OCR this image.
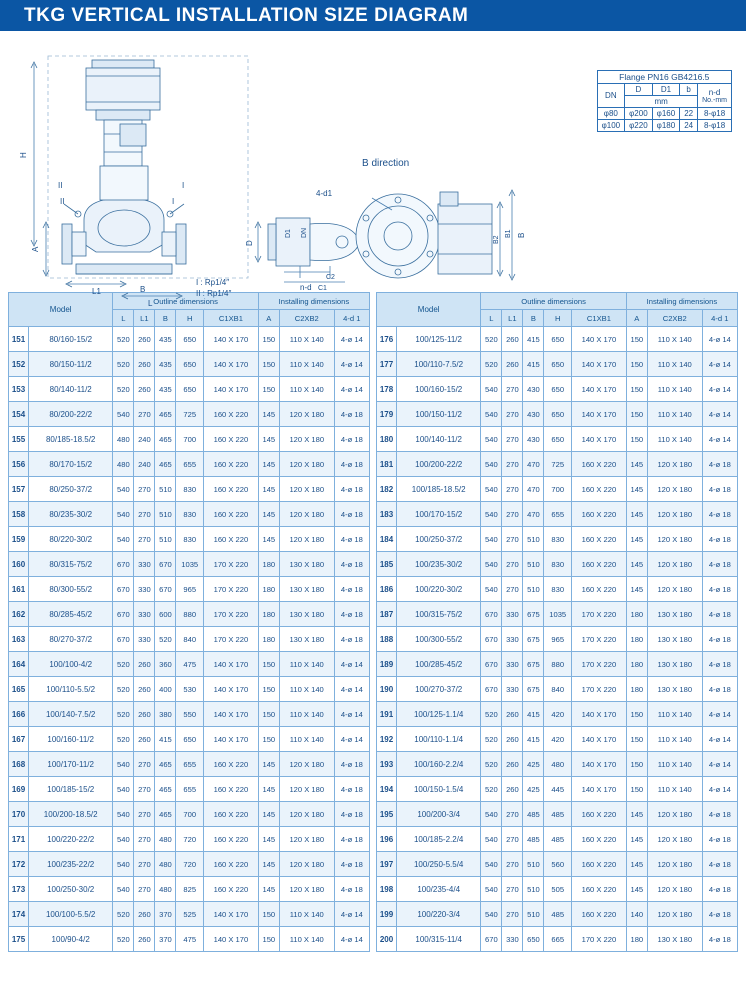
TKG VERTICAL INSTALLATION SIZE DIAGRAM
H
A
L1
L
B
II	I
II	I
I : Rp1/4″
II : Rp1/4″
B direction
4-d1
n-d
D
D1 DN
C2
C1
B2
B1 B
Flange PN16 GB4216.5				
DN	D	D1	b	n-d
No.-mm

	mm			
φ80	φ200	φ160	22	8-φ18
φ100	φ220	φ180	24	8-φ18
Model		Outline dimensions					Installing dimensions		
		L	L1	B	H	C1XB1	A	C2XB2	4-d 1
151	80/160-15/2	520	260	435	650	140 X 170	150	110 X 140	4-ø 14
152	80/150-11/2	520	260	435	650	140 X 170	150	110 X 140	4-ø 14
153	80/140-11/2	520	260	435	650	140 X 170	150	110 X 140	4-ø 14
154	80/200-22/2	540	270	465	725	160 X 220	145	120 X 180	4-ø 18
155	80/185-18.5/2	480	240	465	700	160 X 220	145	120 X 180	4-ø 18
156	80/170-15/2	480	240	465	655	160 X 220	145	120 X 180	4-ø 18
157	80/250-37/2	540	270	510	830	160 X 220	145	120 X 180	4-ø 18
158	80/235-30/2	540	270	510	830	160 X 220	145	120 X 180	4-ø 18
159	80/220-30/2	540	270	510	830	160 X 220	145	120 X 180	4-ø 18
160	80/315-75/2	670	330	670	1035	170 X 220	180	130 X 180	4-ø 18
161	80/300-55/2	670	330	670	965	170 X 220	180	130 X 180	4-ø 18
162	80/285-45/2	670	330	600	880	170 X 220	180	130 X 180	4-ø 18
163	80/270-37/2	670	330	520	840	170 X 220	180	130 X 180	4-ø 18
164	100/100-4/2	520	260	360	475	140 X 170	150	110 X 140	4-ø 14
165	100/110-5.5/2	520	260	400	530	140 X 170	150	110 X 140	4-ø 14
166	100/140-7.5/2	520	260	380	550	140 X 170	150	110 X 140	4-ø 14
167	100/160-11/2	520	260	415	650	140 X 170	150	110 X 140	4-ø 14
168	100/170-11/2	540	270	465	655	160 X 220	145	120 X 180	4-ø 18
169	100/185-15/2	540	270	465	655	160 X 220	145	120 X 180	4-ø 18
170	100/200-18.5/2	540	270	465	700	160 X 220	145	120 X 180	4-ø 18
171	100/220-22/2	540	270	480	720	160 X 220	145	120 X 180	4-ø 18
172	100/235-22/2	540	270	480	720	160 X 220	145	120 X 180	4-ø 18
173	100/250-30/2	540	270	480	825	160 X 220	145	120 X 180	4-ø 18
174	100/100-5.5/2	520	260	370	525	140 X 170	150	110 X 140	4-ø 14
175	100/90-4/2	520	260	370	475	140 X 170	150	110 X 140	4-ø 14
Model		Outline dimensions					Installing dimensions		
		L	L1	B	H	C1XB1	A	C2XB2	4-d 1
176	100/125-11/2	520	260	415	650	140 X 170	150	110 X 140	4-ø 14
177	100/110-7.5/2	520	260	415	650	140 X 170	150	110 X 140	4-ø 14
178	100/160-15/2	540	270	430	650	140 X 170	150	110 X 140	4-ø 14
179	100/150-11/2	540	270	430	650	140 X 170	150	110 X 140	4-ø 14
180	100/140-11/2	540	270	430	650	140 X 170	150	110 X 140	4-ø 14
181	100/200-22/2	540	270	470	725	160 X 220	145	120 X 180	4-ø 18
182	100/185-18.5/2	540	270	470	700	160 X 220	145	120 X 180	4-ø 18
183	100/170-15/2	540	270	470	655	160 X 220	145	120 X 180	4-ø 18
184	100/250-37/2	540	270	510	830	160 X 220	145	120 X 180	4-ø 18
185	100/235-30/2	540	270	510	830	160 X 220	145	120 X 180	4-ø 18
186	100/220-30/2	540	270	510	830	160 X 220	145	120 X 180	4-ø 18
187	100/315-75/2	670	330	675	1035	170 X 220	180	130 X 180	4-ø 18
188	100/300-55/2	670	330	675	965	170 X 220	180	130 X 180	4-ø 18
189	100/285-45/2	670	330	675	880	170 X 220	180	130 X 180	4-ø 18
190	100/270-37/2	670	330	675	840	170 X 220	180	130 X 180	4-ø 18
191	100/125-1.1/4	520	260	415	420	140 X 170	150	110 X 140	4-ø 14
192	100/110-1.1/4	520	260	415	420	140 X 170	150	110 X 140	4-ø 14
193	100/160-2.2/4	520	260	425	480	140 X 170	150	110 X 140	4-ø 14
194	100/150-1.5/4	520	260	425	445	140 X 170	150	110 X 140	4-ø 14
195	100/200-3/4	540	270	485	485	160 X 220	145	120 X 180	4-ø 18
196	100/185-2.2/4	540	270	485	485	160 X 220	145	120 X 180	4-ø 18
197	100/250-5.5/4	540	270	510	560	160 X 220	145	120 X 180	4-ø 18
198	100/235-4/4	540	270	510	505	160 X 220	145	120 X 180	4-ø 18
199	100/220-3/4	540	270	510	485	160 X 220	140	120 X 180	4-ø 18
200	100/315-11/4	670	330	650	665	170 X 220	180	130 X 180	4-ø 18
